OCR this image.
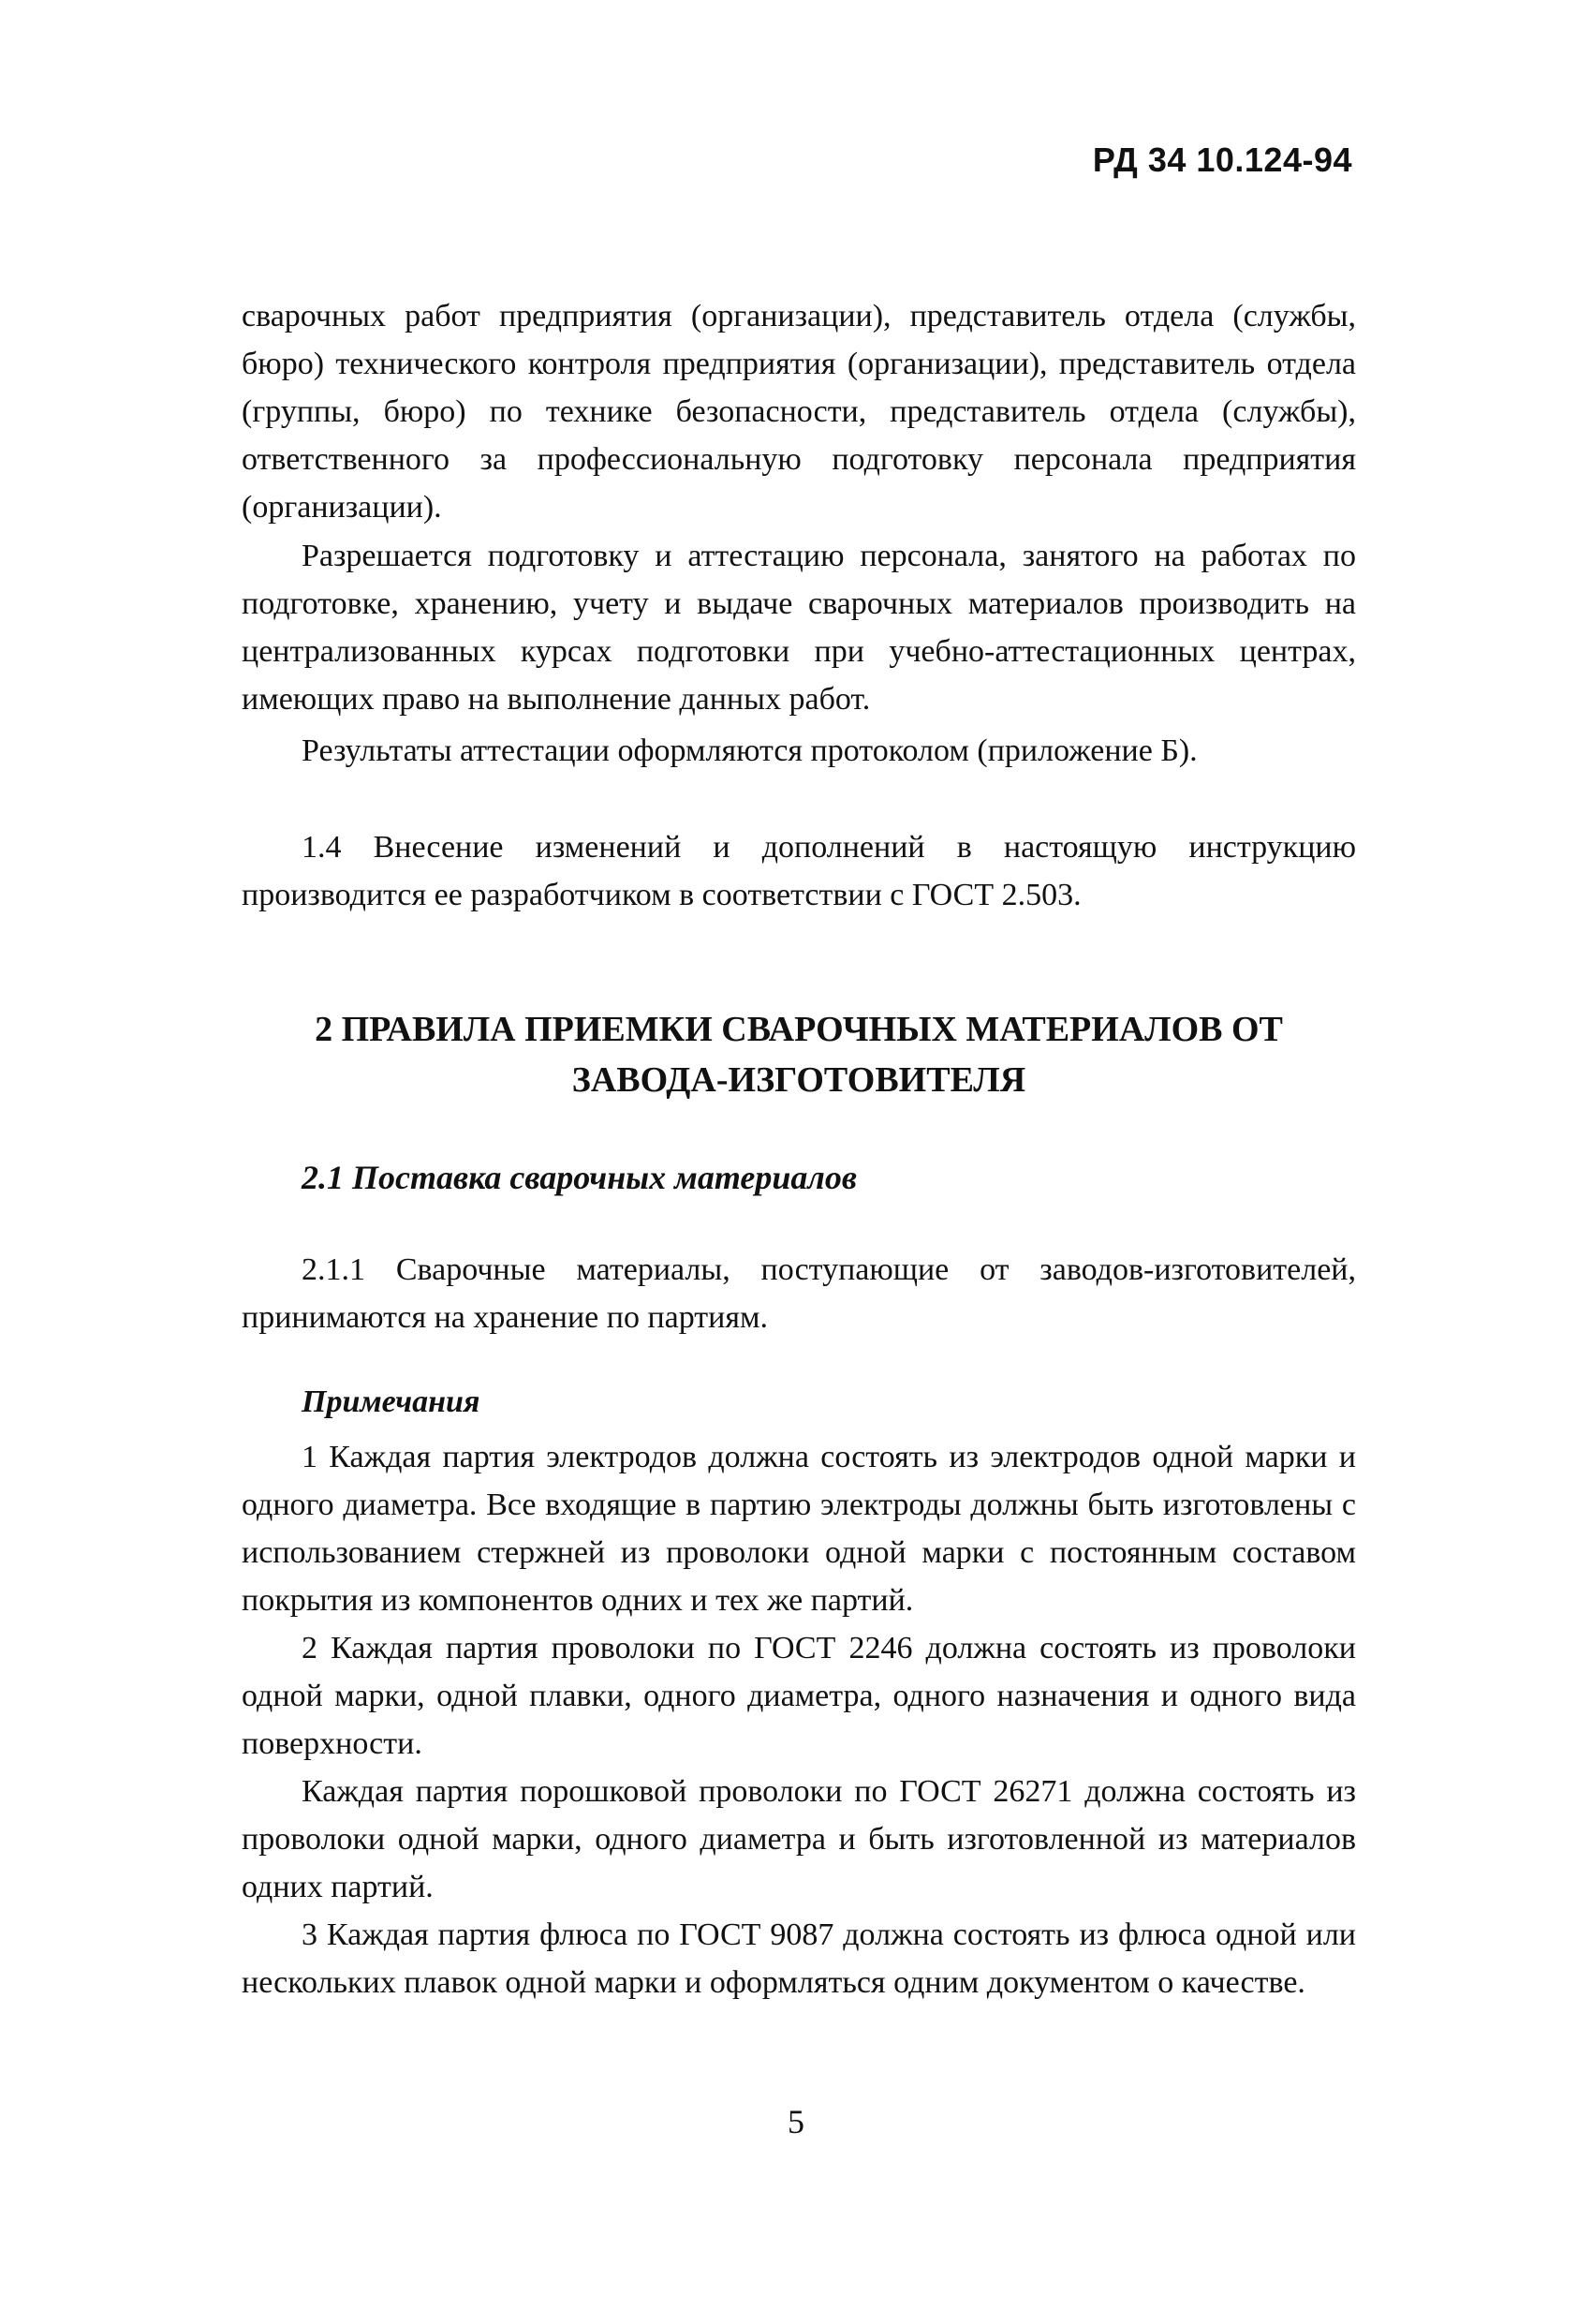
РД 34 10.124-94

сварочных работ предприятия (организации), представитель отдела (службы, бюро) технического контроля предприятия (организации), представитель отдела (группы, бюро) по технике безопасности, представитель отдела (службы), ответственного за профессиональную подготовку персонала предприятия (организации).

Разрешается подготовку и аттестацию персонала, занятого на работах по подготовке, хранению, учету и выдаче сварочных материалов производить на централизованных курсах подготовки при учебно-аттестационных центрах, имеющих право на выполнение данных работ.

Результаты аттестации оформляются протоколом (приложение Б).

1.4 Внесение изменений и дополнений в настоящую инструкцию производится ее разработчиком в соответствии с ГОСТ 2.503.

2 ПРАВИЛА ПРИЕМКИ СВАРОЧНЫХ МАТЕРИАЛОВ ОТ
ЗАВОДА-ИЗГОТОВИТЕЛЯ
2.1 Поставка сварочных материалов

2.1.1 Сварочные материалы, поступающие от заводов-изготовителей, принимаются на хранение по партиям.

Примечания

1 Каждая партия электродов должна состоять из электродов одной марки и одного диаметра. Все входящие в партию электроды должны быть изготовлены с использованием стержней из проволоки одной марки с постоянным составом покрытия из компонентов одних и тех же партий.

2 Каждая партия проволоки по ГОСТ 2246 должна состоять из проволоки одной марки, одной плавки, одного диаметра, одного назначения и одного вида поверхности.

Каждая партия порошковой проволоки по ГОСТ 26271 должна состоять из проволоки одной марки, одного диаметра и быть изготовленной из материалов одних партий.

3 Каждая партия флюса по ГОСТ 9087 должна состоять из флюса одной или нескольких плавок одной марки и оформляться одним документом о качестве.

5
